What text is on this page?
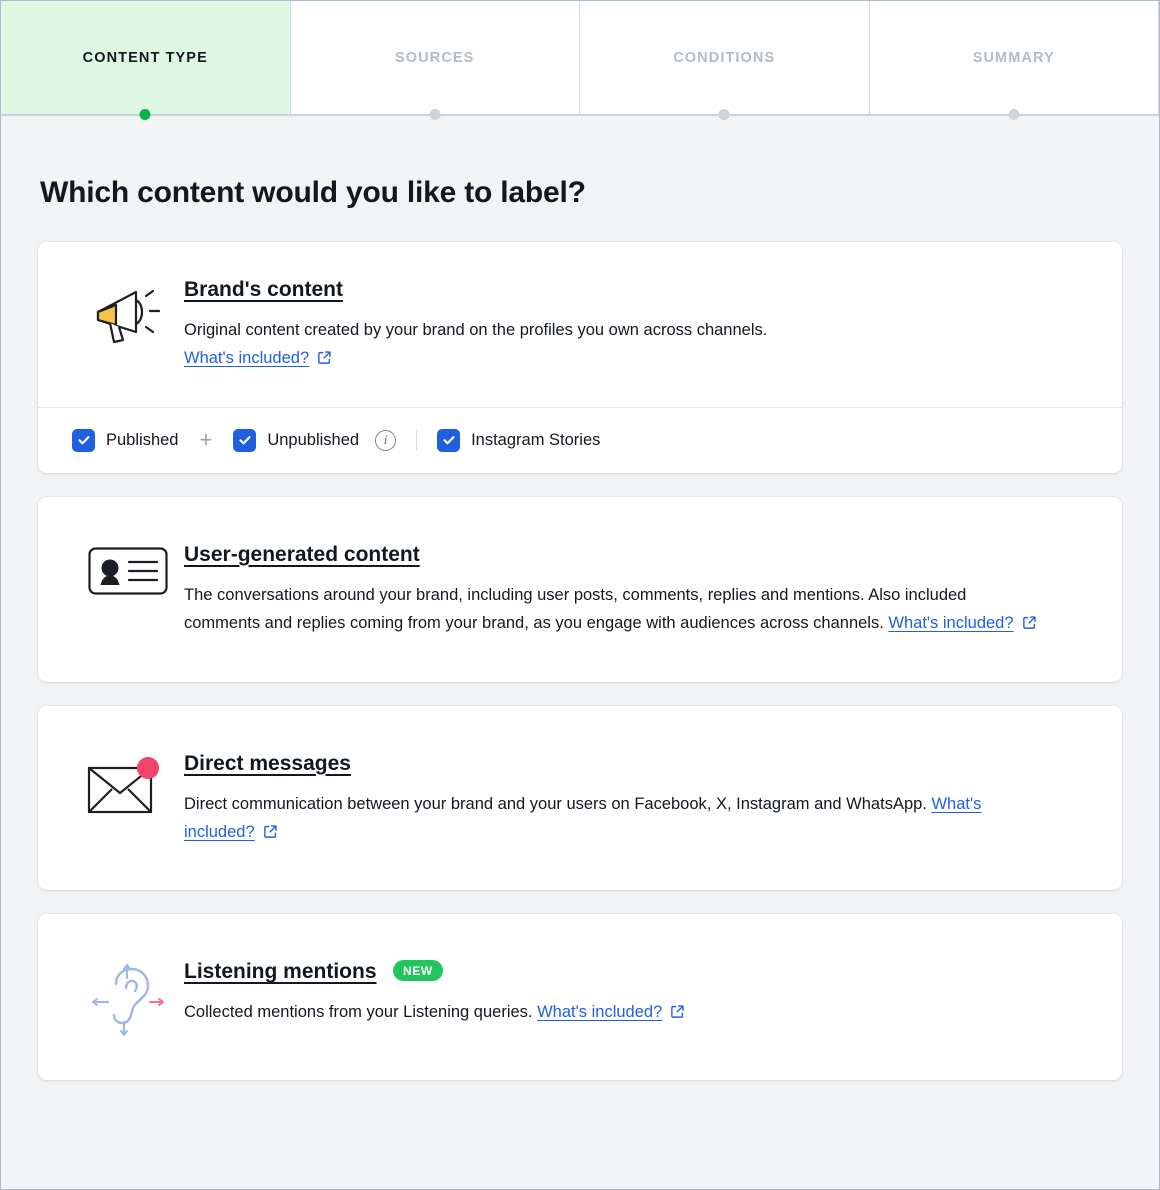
CONTENT TYPE	SOURCES	CONDITIONS	SUMMARY
Which content would you like to label?
Brand's content
Original content created by your brand on the profiles you own across channels.
What's included?
Published +	Unpublished	i	Instagram Stories
User-generated content
The conversations around your brand, including user posts, comments, replies and mentions. Also included comments and replies coming from your brand, as you engage with audiences across channels. What's included?
Direct messages
Direct communication between your brand and your users on Facebook, X, Instagram and WhatsApp. What's included?
Listening mentions NEW
Collected mentions from your Listening queries. What's included?
